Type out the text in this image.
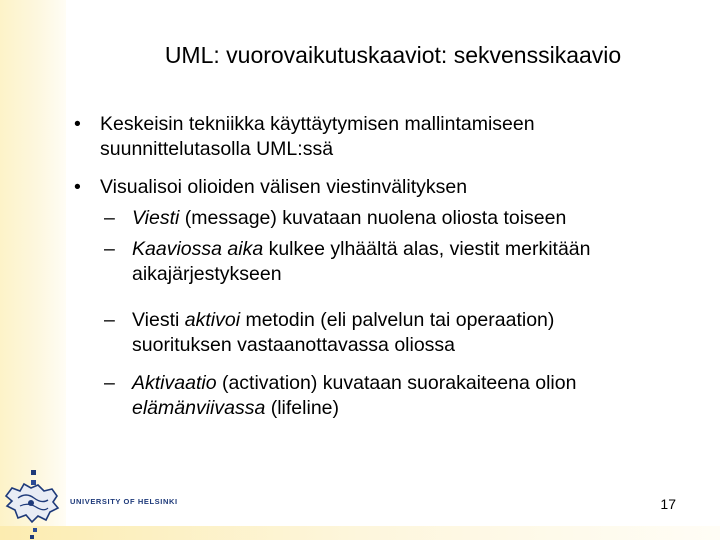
UML: vuorovaikutuskaaviot: sekvenssikaavio
• Keskeisin tekniikka käyttäytymisen mallintamiseen
suunnittelutasolla UML:ssä
• Visualisoi olioiden välisen viestinvälityksen
– Viesti (message) kuvataan nuolena oliosta toiseen
– Kaaviossa aika kulkee ylhäältä alas, viestit merkitään
aikajärjestykseen
– Viesti aktivoi metodin (eli palvelun tai operaation)
suorituksen vastaanottavassa oliossa
– Aktivaatio (activation) kuvataan suorakaiteena olion
elämänviivassa (lifeline)
UNIVERSITY OF HELSINKI	17
